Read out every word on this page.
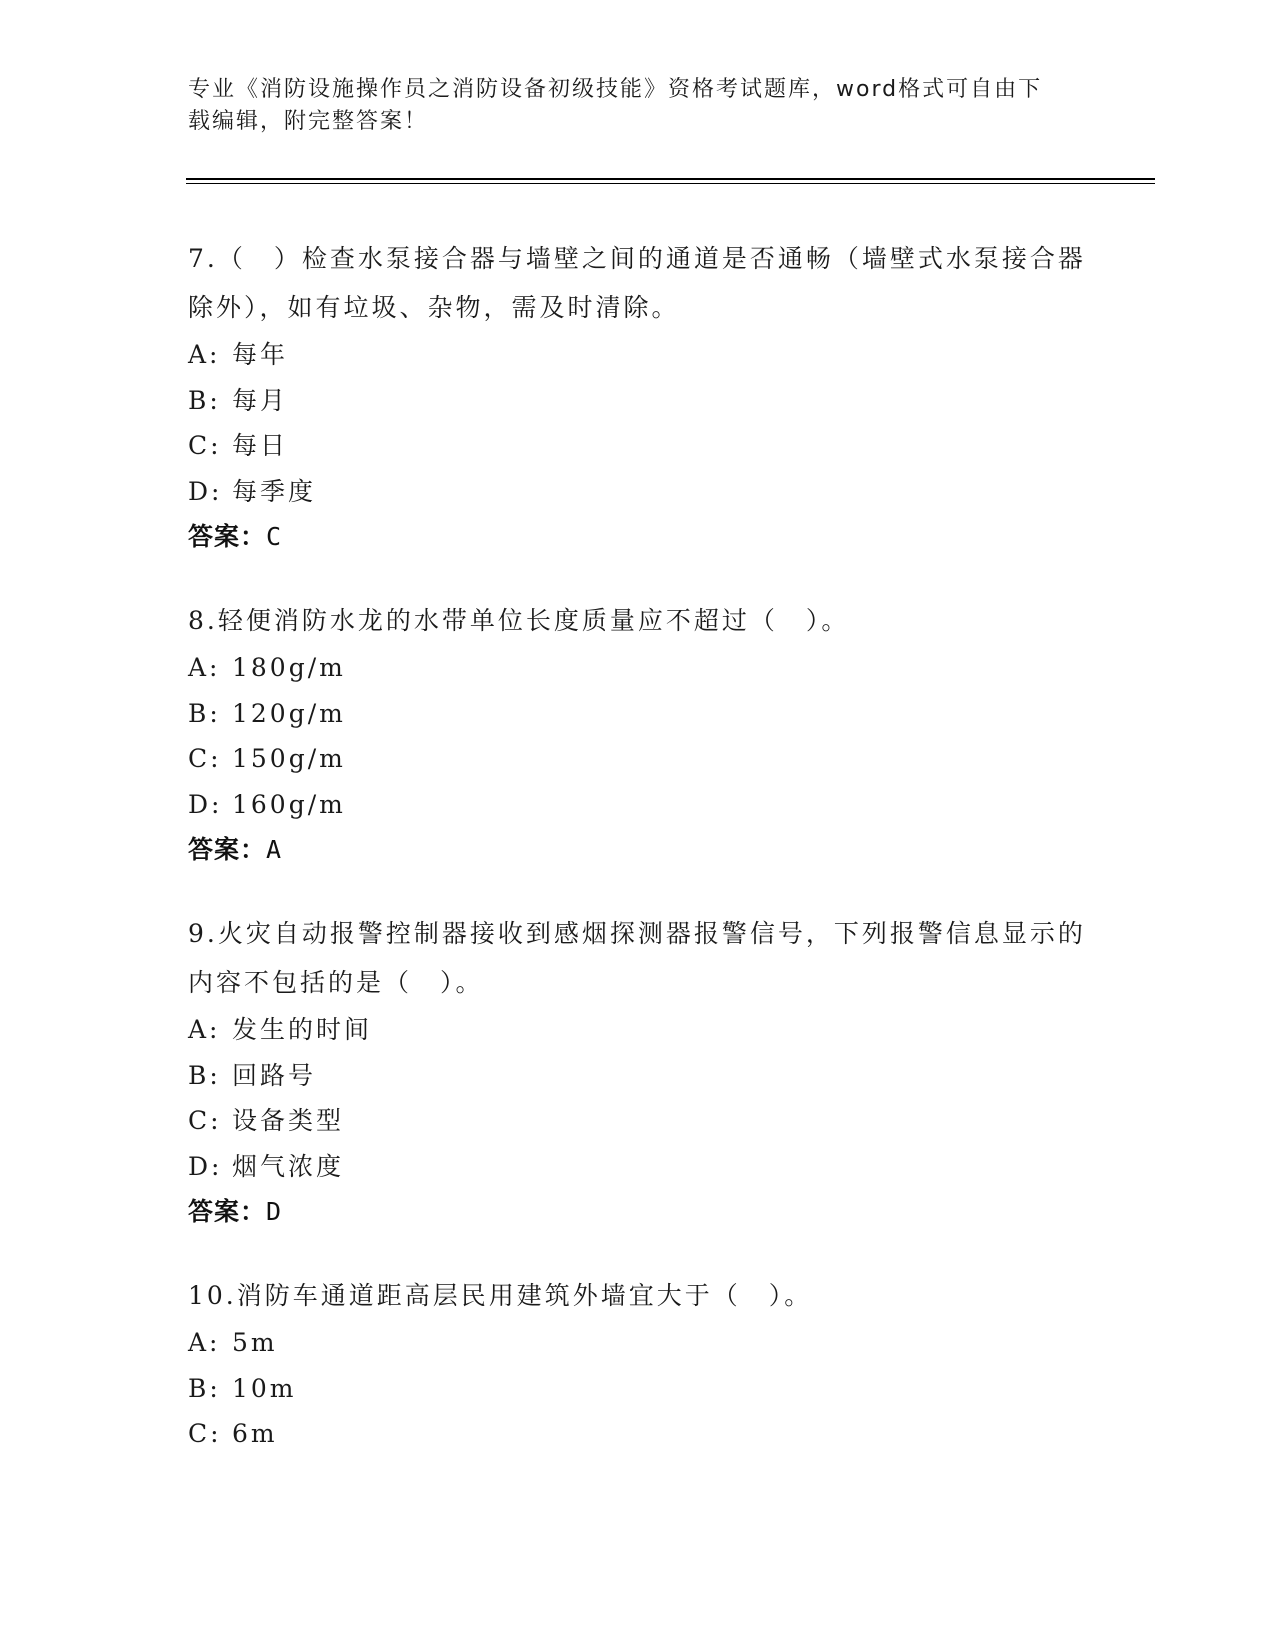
专业《消防设施操作员之消防设备初级技能》资格考试题库，word格式可自由下
载编辑，附完整答案！

7.（　）检查水泵接合器与墙壁之间的通道是否通畅（墙壁式水泵接合器除外），如有垃圾、杂物，需及时清除。

A: 每年
B: 每月
C: 每日
D: 每季度
答案：C

8.轻便消防水龙的水带单位长度质量应不超过（　）。

A: 180g/m
B: 120g/m
C: 150g/m
D: 160g/m
答案：A

9.火灾自动报警控制器接收到感烟探测器报警信号，下列报警信息显示的内容不包括的是（　）。

A: 发生的时间
B: 回路号
C: 设备类型
D: 烟气浓度
答案：D

10.消防车通道距高层民用建筑外墙宜大于（　）。

A: 5m
B: 10m
C: 6m
